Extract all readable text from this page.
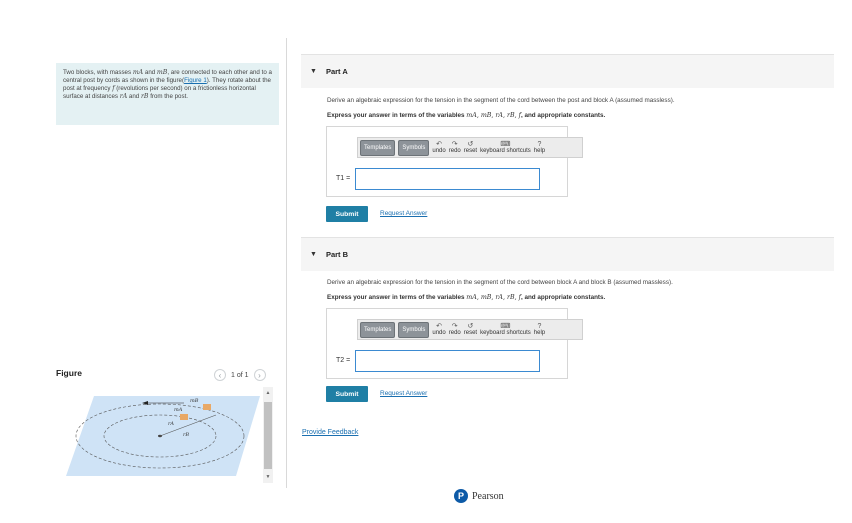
Two blocks, with masses mA and mB, are connected to each other and to a central post by cords as shown in the figure(Figure 1). They rotate about the post at frequency f (revolutions per second) on a frictionless horizontal surface at distances rA and rB from the post.
Figure	‹	1 of 1	›
mB
mA
rA
rB
▲
▼
▼ Part A
Derive an algebraic expression for the tension in the segment of the cord between the post and block A (assumed massless).
Express your answer in terms of the variables mA, mB, rA, rB, f, and appropriate constants.
Templates	Symbols	↶
undo
↷
redo
↺
reset
⌨
keyboard shortcuts
?
help
T1 =
Submit	Request Answer
▼ Part B
Derive an algebraic expression for the tension in the segment of the cord between block A and block B (assumed massless).
Express your answer in terms of the variables mA, mB, rA, rB, f, and appropriate constants.
Templates	Symbols	↶
undo
↷
redo
↺
reset
⌨
keyboard shortcuts
?
help
T2 =
Submit	Request Answer
Provide Feedback
P Pearson
